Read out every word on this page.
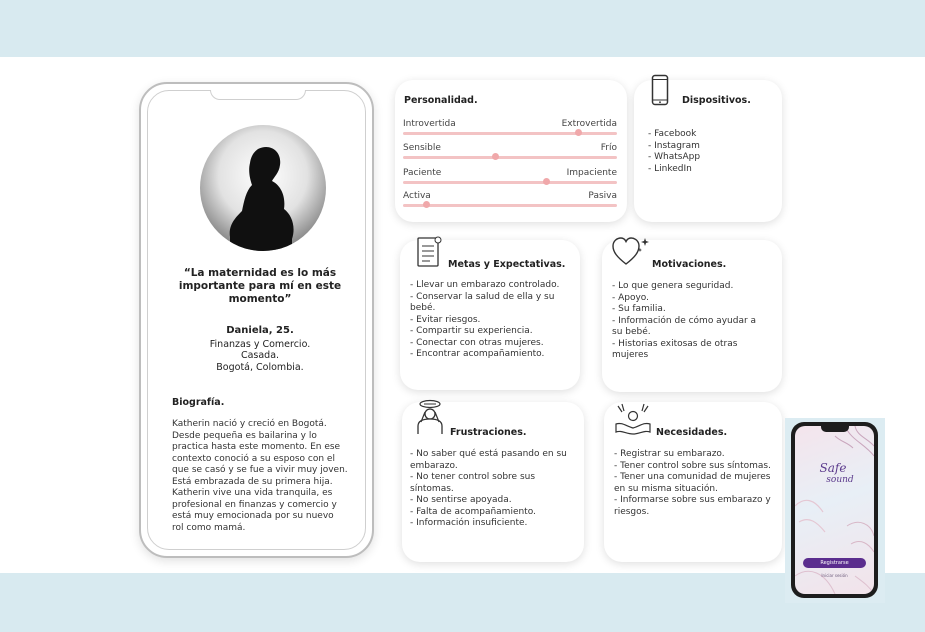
“La maternidad es lo más importante para mí en este momento”
Daniela, 25.
Finanzas y Comercio.
Casada.
Bogotá, Colombia.
Biografía.
Katherin nació y creció en Bogotá. Desde pequeña es bailarina y lo practica hasta este momento. En ese contexto conoció a su esposo con el que se casó y se fue a vivir muy joven. Está embrazada de su primera hija. Katherin vive una vida tranquila, es profesional en finanzas y comercio y está muy emocionada por su nuevo rol como mamá.
Personalidad.
Introvertida	Extrovertida
Sensible	Frío
Paciente	Impaciente
Activa	Pasiva
Dispositivos.
- Facebook
- Instagram
- WhatsApp
- LinkedIn
Metas y Expectativas.
- Llevar un embarazo controlado.
- Conservar la salud de ella y su bebé.
- Evitar riesgos.
- Compartir su experiencia.
- Conectar con otras mujeres.
- Encontrar acompañamiento.
Motivaciones.
- Lo que genera seguridad.
- Apoyo.
- Su familia.
- Información de cómo ayudar a su bebé.
- Historias exitosas de otras mujeres
Frustraciones.
- No saber qué está pasando en su embarazo.
- No tener control sobre sus síntomas.
- No sentirse apoyada.
- Falta de acompañamiento.
- Información insuficiente.
Necesidades.
- Registrar su embarazo.
- Tener control sobre sus síntomas.
- Tener una comunidad de mujeres en su misma situación.
- Informarse sobre sus embarazo y riesgos.
Safe
sound
Registrarse
Iniciar sesión
